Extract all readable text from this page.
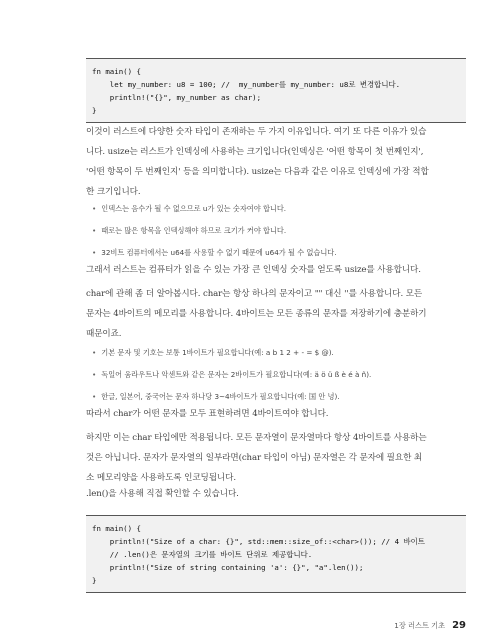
fn main() {
let my_number: u8 = 100; //  my_number를 my_number: u8로 변경합니다.
println!("{}", my_number as char);
}
이것이 러스트에 다양한 숫자 타입이 존재하는 두 가지 이유입니다. 여기 또 다른 이유가 있습
니다. usize는 러스트가 인덱싱에 사용하는 크기입니다(인덱싱은 '어떤 항목이 첫 번째인지',
'어떤 항목이 두 번째인지' 등을 의미합니다). usize는 다음과 같은 이유로 인덱싱에 가장 적합
한 크기입니다.
• 인덱스는 음수가 될 수 없으므로 u가 있는 숫자여야 합니다.
• 때로는 많은 항목을 인덱싱해야 하므로 크기가 커야 합니다.
• 32비트 컴퓨터에서는 u64를 사용할 수 없기 때문에 u64가 될 수 없습니다.
그래서 러스트는 컴퓨터가 읽을 수 있는 가장 큰 인덱싱 숫자를 얻도록 usize를 사용합니다.
char에 관해 좀 더 알아봅시다. char는 항상 하나의 문자이고 "" 대신 ''를 사용합니다. 모든
문자는 4바이트의 메모리를 사용합니다. 4바이트는 모든 종류의 문자를 저장하기에 충분하기
때문이죠.
• 기본 문자 및 기호는 보통 1바이트가 필요합니다(예: a b 1 2 + - = $ @).
• 독일어 움라우트나 악센트와 같은 문자는 2바이트가 필요합니다(예: ä ö ü ß è é à ñ).
• 한글, 일본어, 중국어는 문자 하나당 3~4바이트가 필요합니다(예: 国 안 녕).
따라서 char가 어떤 문자를 모두 표현하려면 4바이트여야 합니다.
하지만 이는 char 타입에만 적용됩니다. 모든 문자열이 문자열마다 항상 4바이트를 사용하는
것은 아닙니다. 문자가 문자열의 일부라면(char 타입이 아님) 문자열은 각 문자에 필요한 최
소 메모리양을 사용하도록 인코딩됩니다.
.len()을 사용해 직접 확인할 수 있습니다.
fn main() {
println!("Size of a char: {}", std::mem::size_of::<char>()); // 4 바이트
// .len()은 문자열의 크기를 바이트 단위로 제공합니다.
println!("Size of string containing 'a': {}", "a".len());
}
1장 러스트 기초 29
